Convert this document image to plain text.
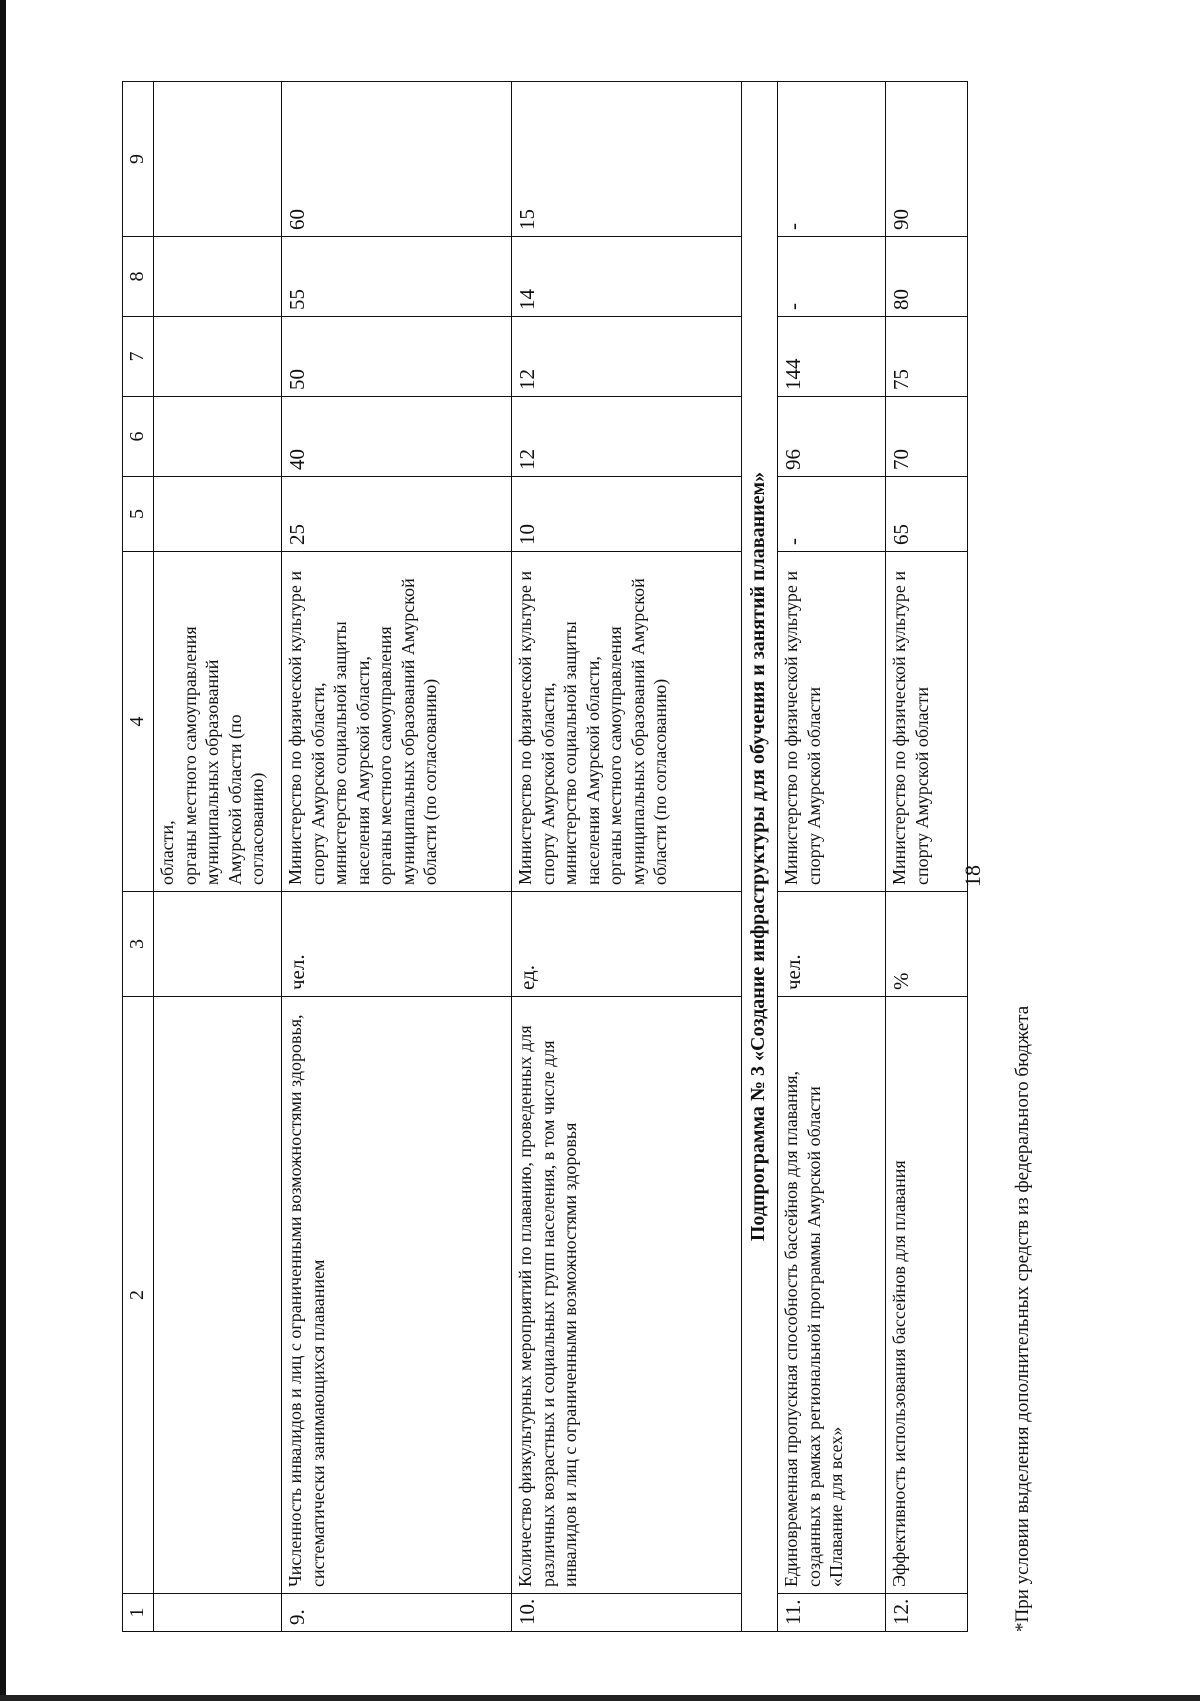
18
1	2	3	4	5	6	7	8	9

			области,
органы местного самоуправления
муниципальных образований
Амурской области (по
согласованию)					

9.	Численность инвалидов и лиц с ограниченными возможностями здоровья, систематически занимающихся плаванием	чел.	Министерство по физической культуре и спорту Амурской области,
министерство социальной защиты населения Амурской области,
органы местного самоуправления муниципальных образований Амурской области (по согласованию)	25	40	50	55	60
10.	Количество физкультурных мероприятий по плаванию, проведенных для различных возрастных и социальных групп населения, в том числе для инвалидов и лиц с ограниченными возможностями здоровья	ед.	Министерство по физической культуре и спорту Амурской области,
министерство социальной защиты населения Амурской области,
органы местного самоуправления муниципальных образований Амурской области (по согласованию)	10	12	12	14	15
Подпрограмма № 3 «Создание инфраструктуры для обучения и занятий плаванием»								
11.	Единовременная пропускная способность бассейнов для плавания, созданных в рамках региональной программы Амурской области «Плавание для всех»	чел.	Министерство по физической культуре и спорту Амурской области	-	96	144	-	-
12.	Эффективность использования бассейнов для плавания	%	Министерство по физической культуре и спорту Амурской области	65	70	75	80	90
*При условии выделения дополнительных средств из федерального бюджета
